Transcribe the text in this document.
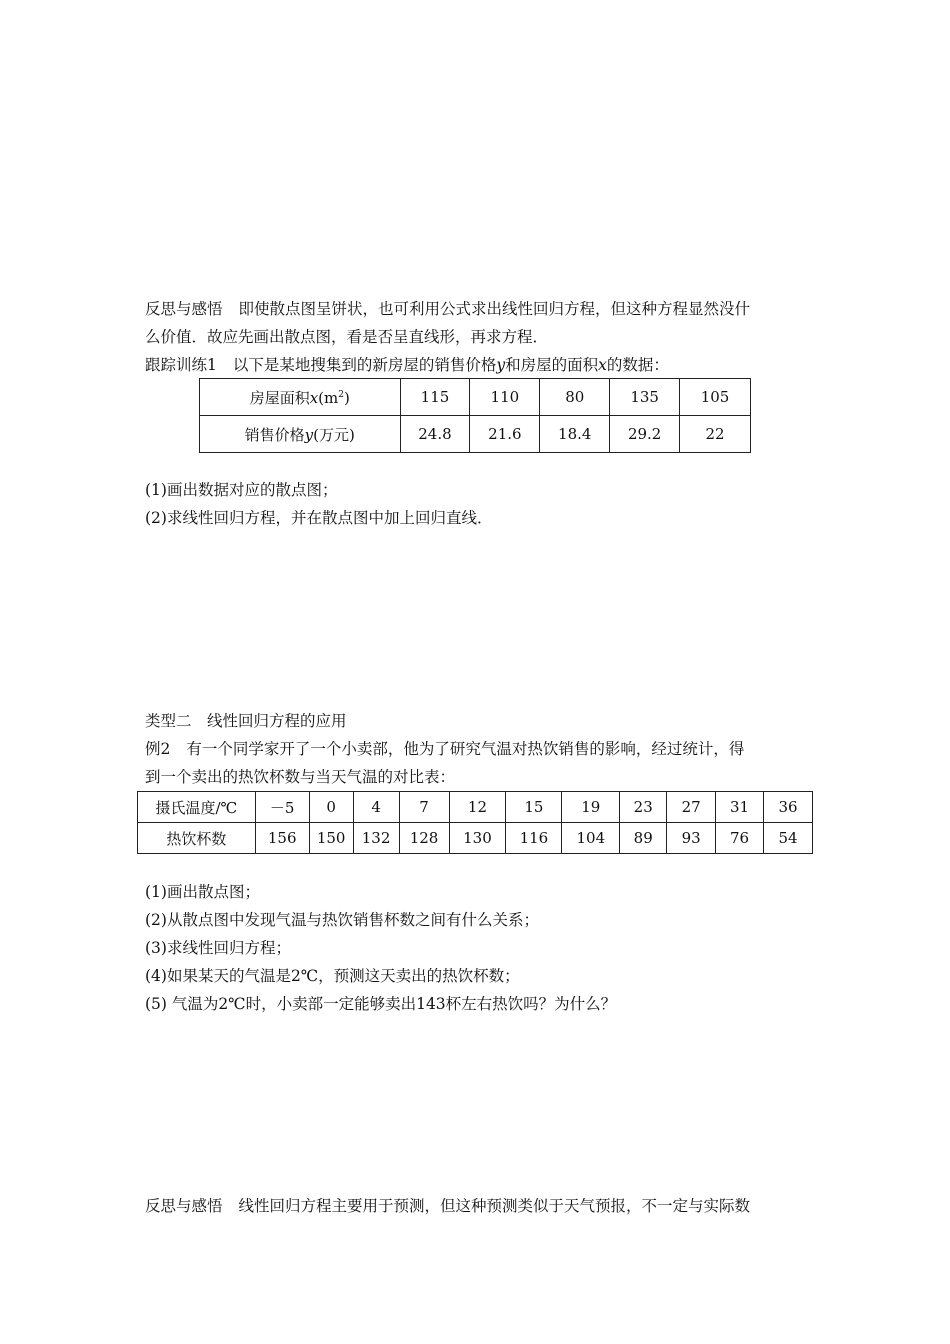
反思与感悟 即使散点图呈饼状，也可利用公式求出线性回归方程，但这种方程显然没什
么价值．故应先画出散点图，看是否呈直线形，再求方程．
跟踪训练1 以下是某地搜集到的新房屋的销售价格y和房屋的面积x的数据：
房屋面积$x(m^2)$	115	110	80	135	105
销售价格y(万元)	24.8	21.6	18.4	29.2	22
(1)画出数据对应的散点图；
(2)求线性回归方程，并在散点图中加上回归直线．
类型二　线性回归方程的应用
例2 有一个同学家开了一个小卖部，他为了研究气温对热饮销售的影响，经过统计，得
到一个卖出的热饮杯数与当天气温的对比表：
摄氏温度/℃	－5	0	4	7	12	15	19	23	27	31	36
热饮杯数	156	150	132	128	130	116	104	89	93	76	54
(1)画出散点图；
(2)从散点图中发现气温与热饮销售杯数之间有什么关系；
(3)求线性回归方程；
(4)如果某天的气温是2℃，预测这天卖出的热饮杯数；
(5) 气温为2℃时，小卖部一定能够卖出143杯左右热饮吗？为什么？
反思与感悟 线性回归方程主要用于预测，但这种预测类似于天气预报，不一定与实际数
